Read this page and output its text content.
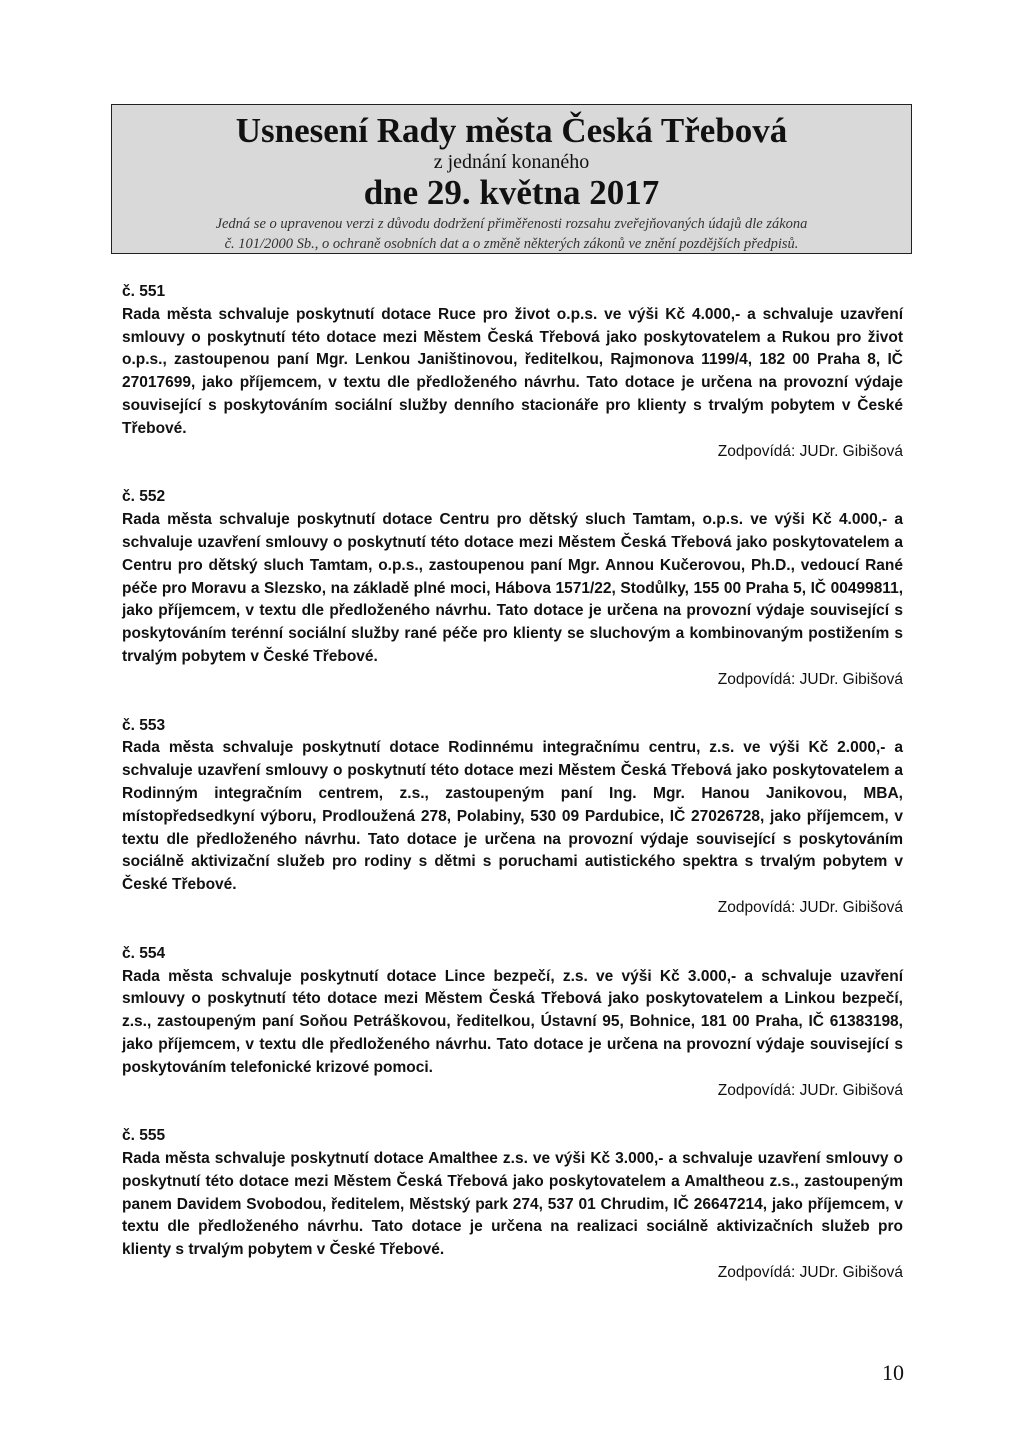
Usnesení Rady města Česká Třebová
z jednání konaného
dne 29. května 2017
Jedná se o upravenou verzi z důvodu dodržení přiměřenosti rozsahu zveřejňovaných údajů dle zákona
č. 101/2000 Sb., o ochraně osobních dat a o změně některých zákonů ve znění pozdějších předpisů.
č. 551
Rada města schvaluje poskytnutí dotace Ruce pro život o.p.s. ve výši Kč 4.000,- a schvaluje uzavření smlouvy o poskytnutí této dotace mezi Městem Česká Třebová jako poskytovatelem a Rukou pro život o.p.s., zastoupenou paní Mgr. Lenkou Janištinovou, ředitelkou, Rajmonova 1199/4, 182 00 Praha 8, IČ 27017699, jako příjemcem, v textu dle předloženého návrhu. Tato dotace je určena na provozní výdaje související s poskytováním sociální služby denního stacionáře pro klienty s trvalým pobytem v České Třebové.
Zodpovídá: JUDr. Gibišová
č. 552
Rada města schvaluje poskytnutí dotace Centru pro dětský sluch Tamtam, o.p.s. ve výši Kč 4.000,- a schvaluje uzavření smlouvy o poskytnutí této dotace mezi Městem Česká Třebová jako poskytovatelem a Centru pro dětský sluch Tamtam, o.p.s., zastoupenou paní Mgr. Annou Kučerovou, Ph.D., vedoucí Rané péče pro Moravu a Slezsko, na základě plné moci, Hábova 1571/22, Stodůlky, 155 00 Praha 5, IČ 00499811, jako příjemcem, v textu dle předloženého návrhu. Tato dotace je určena na provozní výdaje související s poskytováním terénní sociální služby rané péče pro klienty se sluchovým a kombinovaným postižením s trvalým pobytem v České Třebové.
Zodpovídá: JUDr. Gibišová
č. 553
Rada města schvaluje poskytnutí dotace Rodinnému integračnímu centru, z.s. ve výši Kč 2.000,- a schvaluje uzavření smlouvy o poskytnutí této dotace mezi Městem Česká Třebová jako poskytovatelem a Rodinným integračním centrem, z.s., zastoupeným paní Ing. Mgr. Hanou Janikovou, MBA, místopředsedkyní výboru, Prodloužená 278, Polabiny, 530 09 Pardubice, IČ 27026728, jako příjemcem, v textu dle předloženého návrhu. Tato dotace je určena na provozní výdaje související s poskytováním sociálně aktivizační služeb pro rodiny s dětmi s poruchami autistického spektra s trvalým pobytem v České Třebové.
Zodpovídá: JUDr. Gibišová
č. 554
Rada města schvaluje poskytnutí dotace Lince bezpečí, z.s. ve výši Kč 3.000,- a schvaluje uzavření smlouvy o poskytnutí této dotace mezi Městem Česká Třebová jako poskytovatelem a Linkou bezpečí, z.s., zastoupeným paní Soňou Petráškovou, ředitelkou, Ústavní 95, Bohnice, 181 00 Praha, IČ 61383198, jako příjemcem, v textu dle předloženého návrhu. Tato dotace je určena na provozní výdaje související s poskytováním telefonické krizové pomoci.
Zodpovídá: JUDr. Gibišová
č. 555
Rada města schvaluje poskytnutí dotace Amalthee z.s. ve výši Kč 3.000,- a schvaluje uzavření smlouvy o poskytnutí této dotace mezi Městem Česká Třebová jako poskytovatelem a Amaltheou z.s., zastoupeným panem Davidem Svobodou, ředitelem, Městský park 274, 537 01 Chrudim, IČ 26647214, jako příjemcem, v textu dle předloženého návrhu. Tato dotace je určena na realizaci sociálně aktivizačních služeb pro klienty s trvalým pobytem v České Třebové.
Zodpovídá: JUDr. Gibišová
10
